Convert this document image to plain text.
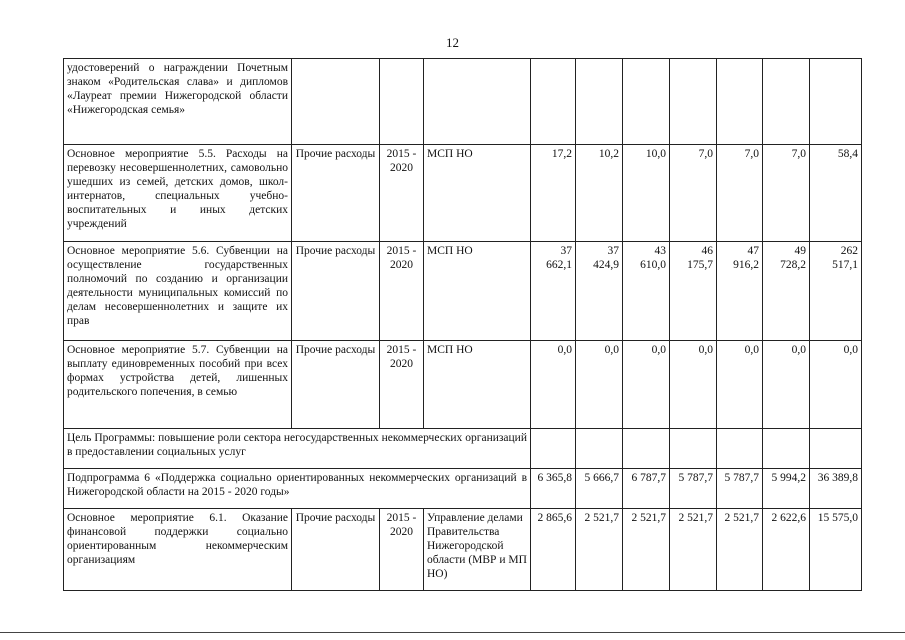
12
удостоверений о награждении Почетным знаком «Родительская слава» и дипломов «Лауреат премии Нижегородской области «Нижегородская семья»										
Основное мероприятие 5.5. Расходы на перевозку несовершеннолетних, самовольно ушедших из семей, детских домов, школ-интернатов, специальных учебно-воспитательных и иных детских учреждений	Прочие расходы	2015 - 2020	МСП НО	17,2	10,2	10,0	7,0	7,0	7,0	58,4
Основное мероприятие 5.6. Субвенции на осуществление государственных полномочий по созданию и организации деятельности муниципальных комиссий по делам несовершеннолетних и защите их прав	Прочие расходы	2015 - 2020	МСП НО	37 662,1	37 424,9	43 610,0	46 175,7	47 916,2	49 728,2	262 517,1
Основное мероприятие 5.7. Субвенции на выплату единовременных пособий при всех формах устройства детей, лишенных родительского попечения, в семью	Прочие расходы	2015 - 2020	МСП НО	0,0	0,0	0,0	0,0	0,0	0,0	0,0
Цель Программы: повышение роли сектора негосударственных некоммерческих организаций в предоставлении социальных услуг										
Подпрограмма 6 «Поддержка социально ориентированных некоммерческих организаций в Нижегородской области на 2015 - 2020 годы»				6 365,8	5 666,7	6 787,7	5 787,7	5 787,7	5 994,2	36 389,8
Основное мероприятие 6.1. Оказание финансовой поддержки социально ориентированным некоммерческим организациям	Прочие расходы	2015 - 2020	Управление делами Правительства Нижегородской области (МВР и МП НО)	2 865,6	2 521,7	2 521,7	2 521,7	2 521,7	2 622,6	15 575,0
